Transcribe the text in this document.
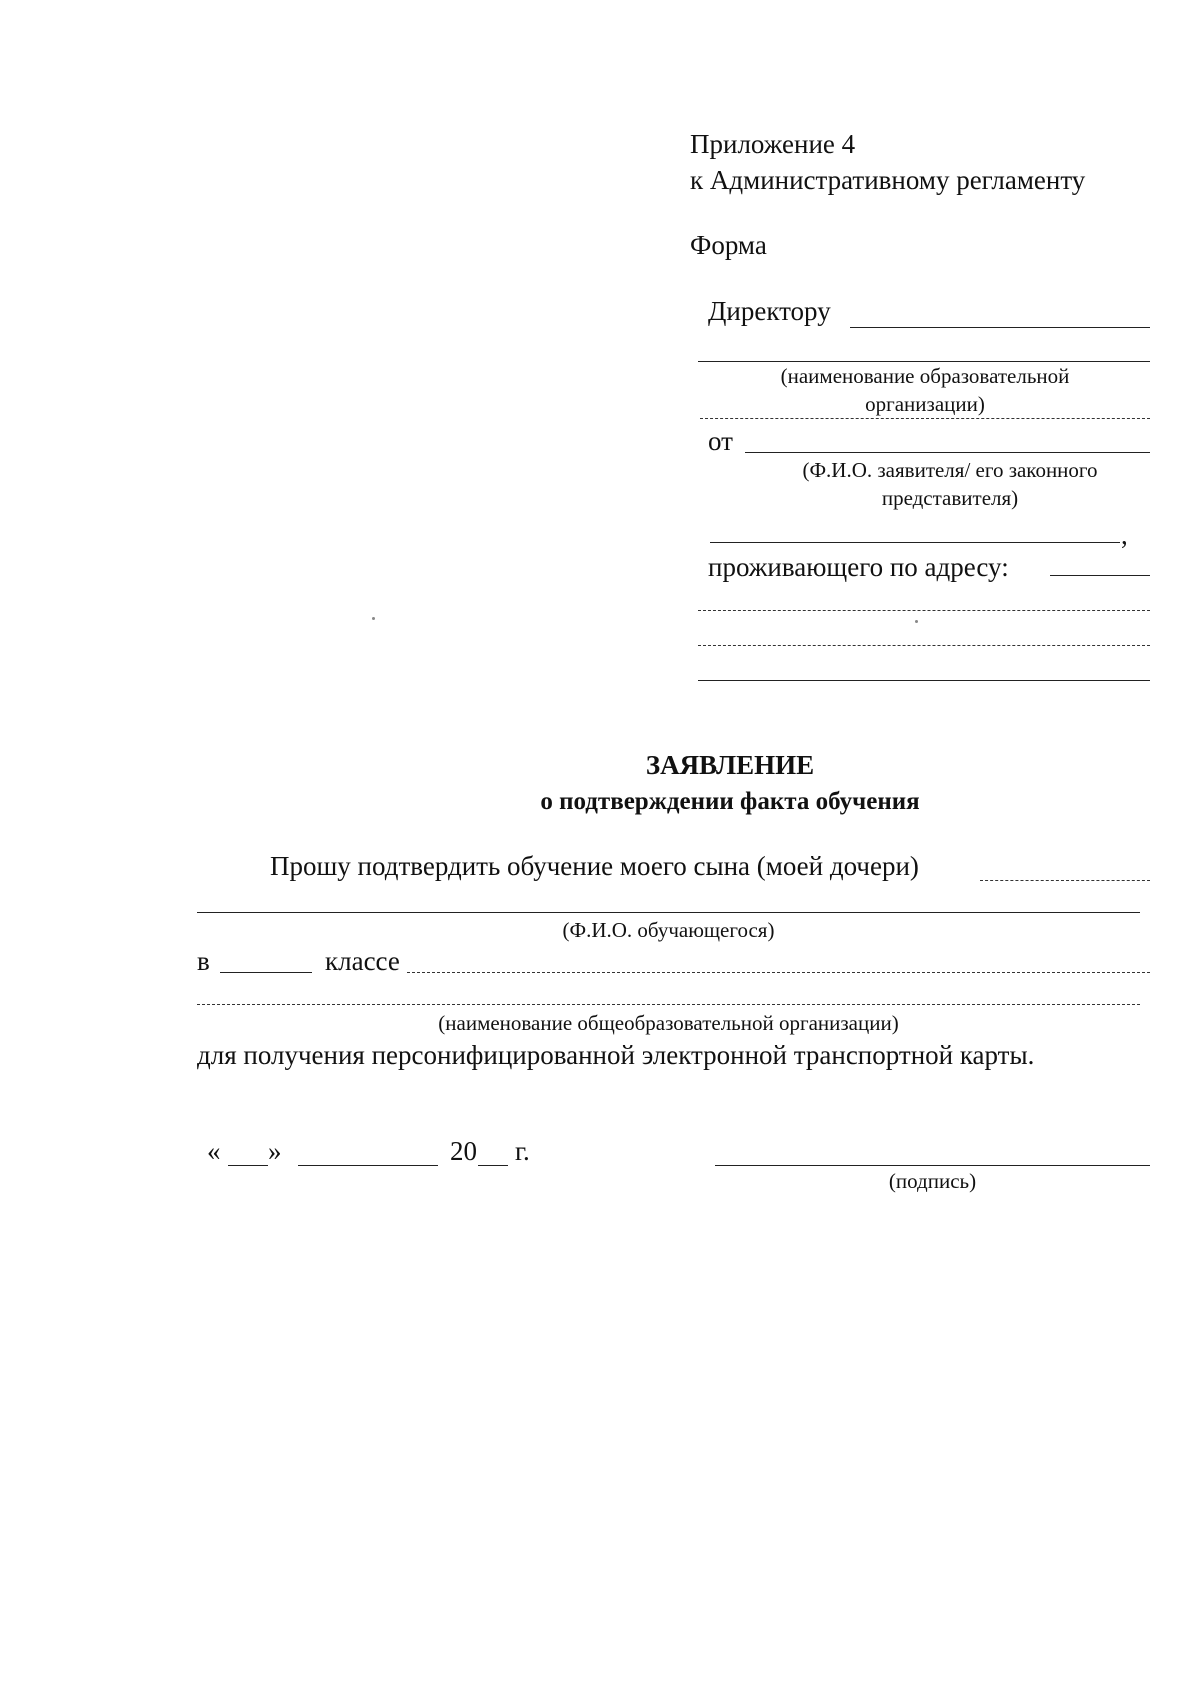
Приложение 4
к Административному регламенту
Форма
Директору
(наименование образовательной
организации)
от
(Ф.И.О. заявителя/ его законного
представителя)
,
проживающего по адресу:
ЗАЯВЛЕНИЕ
о подтверждении факта обучения
Прошу подтвердить обучение моего сына (моей дочери)
(Ф.И.О. обучающегося)
в	классе
(наименование общеобразовательной организации)
для получения персонифицированной электронной транспортной карты.
« »	20 г.
(подпись)
